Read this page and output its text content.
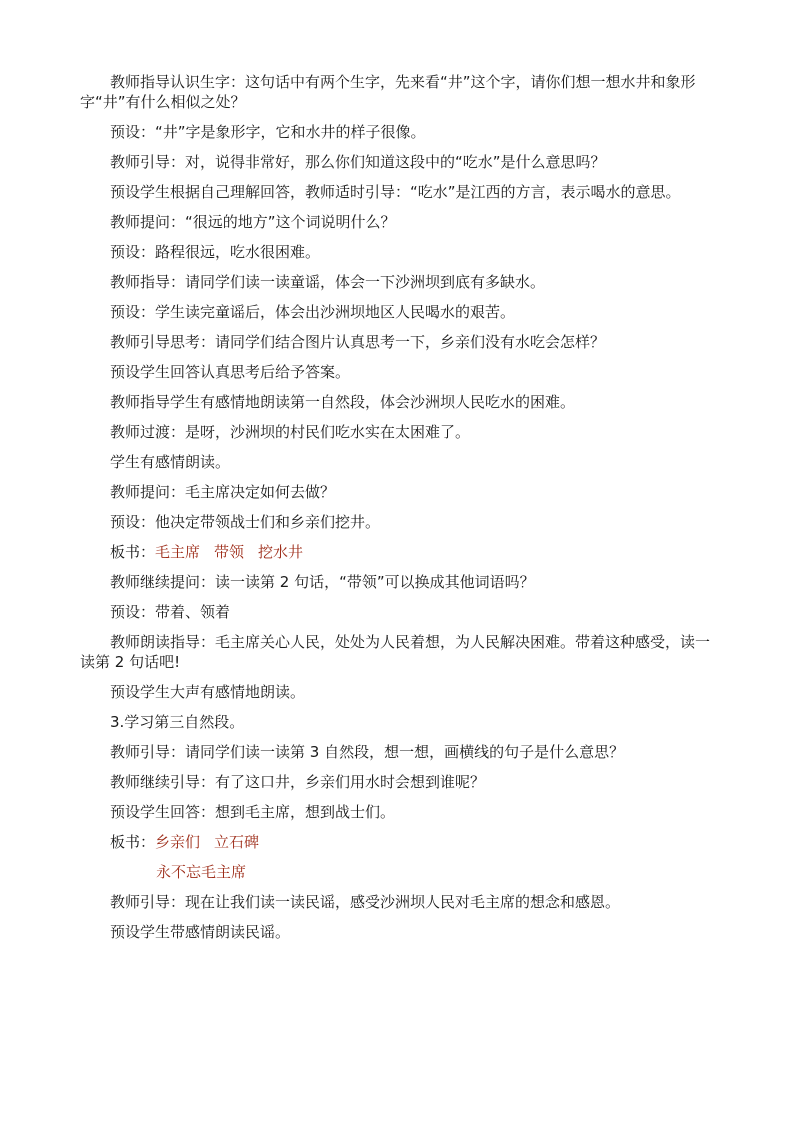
教师指导认识生字：这句话中有两个生字，先来看“井”这个字，请你们想一想水井和象形字“井”有什么相似之处？

预设：“井”字是象形字，它和水井的样子很像。

教师引导：对，说得非常好，那么你们知道这段中的“吃水”是什么意思吗？

预设学生根据自己理解回答，教师适时引导：“吃水”是江西的方言，表示喝水的意思。

教师提问：“很远的地方”这个词说明什么？

预设：路程很远，吃水很困难。

教师指导：请同学们读一读童谣，体会一下沙洲坝到底有多缺水。

预设：学生读完童谣后，体会出沙洲坝地区人民喝水的艰苦。

教师引导思考：请同学们结合图片认真思考一下，乡亲们没有水吃会怎样？

预设学生回答认真思考后给予答案。

教师指导学生有感情地朗读第一自然段，体会沙洲坝人民吃水的困难。

教师过渡：是呀，沙洲坝的村民们吃水实在太困难了。

学生有感情朗读。

教师提问：毛主席决定如何去做？

预设：他决定带领战士们和乡亲们挖井。

板书：毛主席 带领 挖水井

教师继续提问：读一读第 2 句话，“带领”可以换成其他词语吗？

预设：带着、领着

教师朗读指导：毛主席关心人民，处处为人民着想，为人民解决困难。带着这种感受，读一读第 2 句话吧!

预设学生大声有感情地朗读。

3.学习第三自然段。

教师引导：请同学们读一读第 3 自然段，想一想，画横线的句子是什么意思？

教师继续引导：有了这口井，乡亲们用水时会想到谁呢？

预设学生回答：想到毛主席，想到战士们。

板书：乡亲们 立石碑
永不忘毛主席

教师引导：现在让我们读一读民谣，感受沙洲坝人民对毛主席的想念和感恩。

预设学生带感情朗读民谣。
